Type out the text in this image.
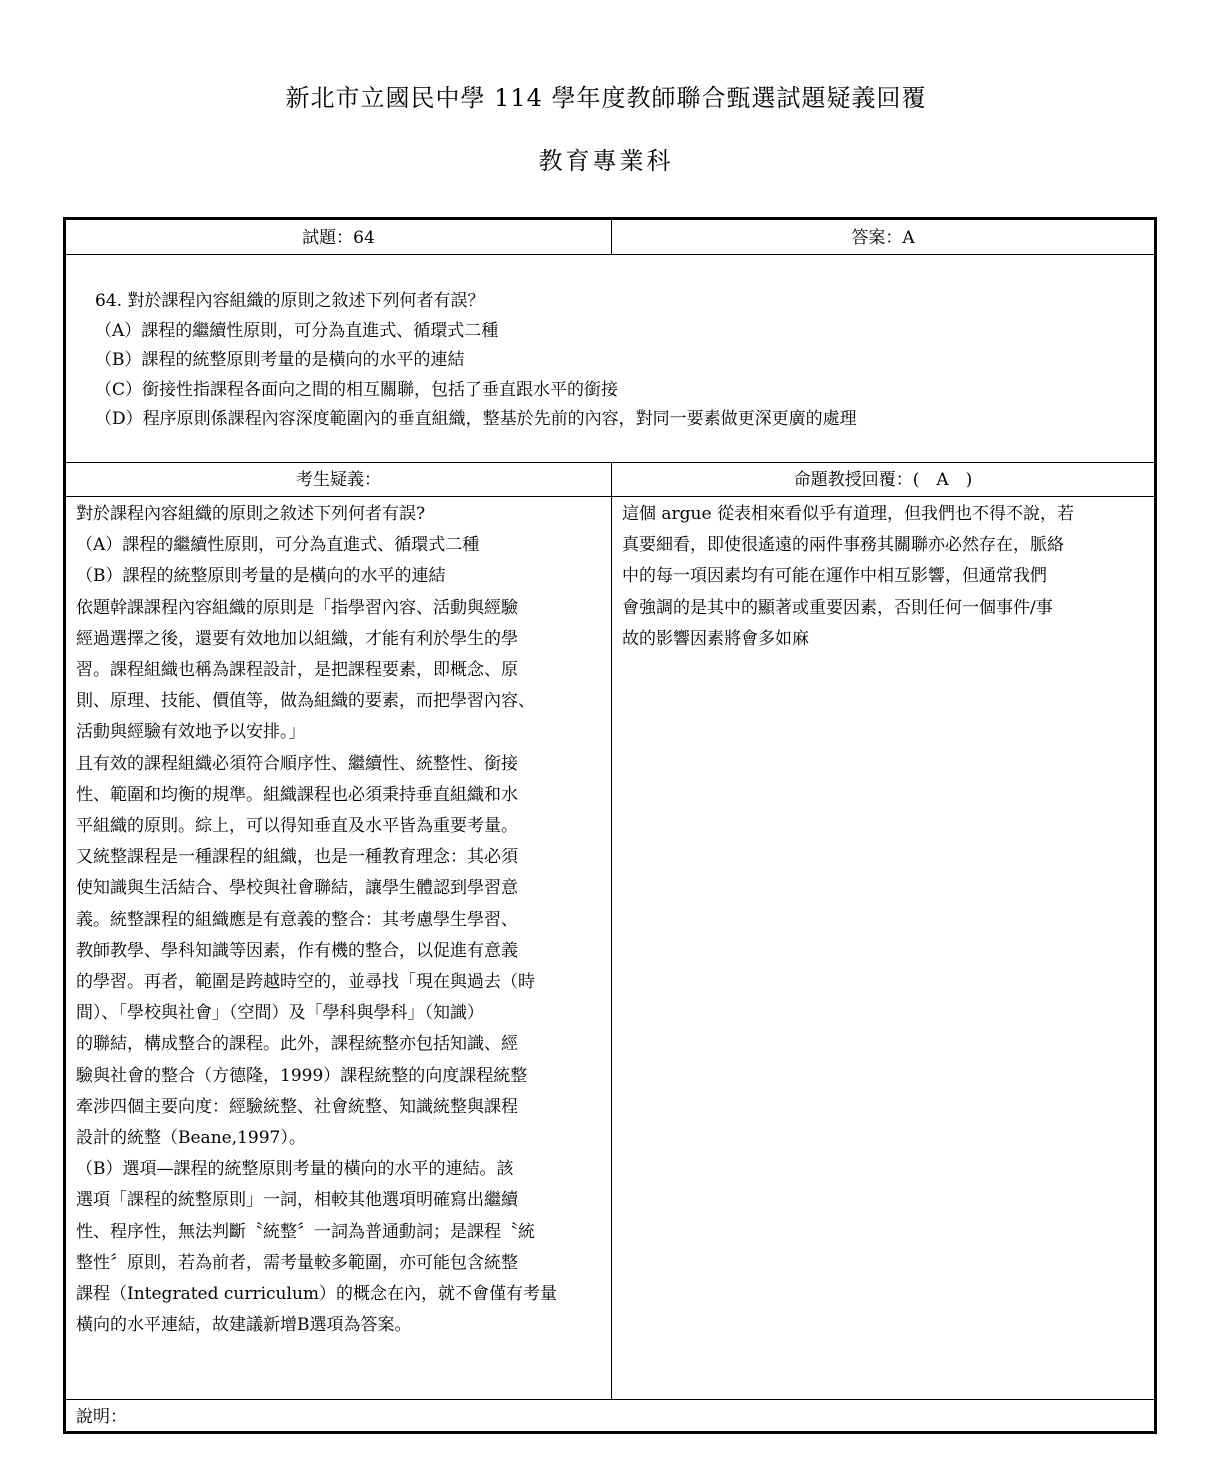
新北市立國民中學 114 學年度教師聯合甄選試題疑義回覆
教育專業科
試題：64	答案：A
64. 對於課程內容組織的原則之敘述下列何者有誤？
（A）課程的繼續性原則，可分為直進式、循環式二種
（B）課程的統整原則考量的是橫向的水平的連結
（C）銜接性指課程各面向之間的相互關聯，包括了垂直跟水平的銜接
（D）程序原則係課程內容深度範圍內的垂直組織，整基於先前的內容，對同一要素做更深更廣的處理
考生疑義：	命題教授回覆：(　A　)
對於課程內容組織的原則之敘述下列何者有誤?
（A）課程的繼續性原則，可分為直進式、循環式二種
（B）課程的統整原則考量的是橫向的水平的連結
依題幹課課程內容組織的原則是「指學習內容、活動與經驗
經過選擇之後，還要有效地加以組織，才能有利於學生的學
習。課程組織也稱為課程設計，是把課程要素，即概念、原
則、原理、技能、價值等，做為組織的要素，而把學習內容、
活動與經驗有效地予以安排。」
且有效的課程組織必須符合順序性、繼續性、統整性、銜接
性、範圍和均衡的規準。組織課程也必須秉持垂直組織和水
平組織的原則。綜上，可以得知垂直及水平皆為重要考量。
又統整課程是一種課程的組織，也是一種教育理念：其必須
使知識與生活結合、學校與社會聯結，讓學生體認到學習意
義。統整課程的組織應是有意義的整合：其考慮學生學習、
教師教學、學科知識等因素，作有機的整合，以促進有意義
的學習。再者，範圍是跨越時空的，並尋找「現在與過去（時
間）、「學校與社會」（空間）及「學科與學科」（知識）
的聯結，構成整合的課程。此外，課程統整亦包括知識、經
驗與社會的整合（方德隆，1999）課程統整的向度課程統整
牽涉四個主要向度：經驗統整、社會統整、知識統整與課程
設計的統整（Beane,1997）。
（B）選項—課程的統整原則考量的橫向的水平的連結。該
選項「課程的統整原則」一詞，相較其他選項明確寫出繼續
性、程序性，無法判斷〝統整〞一詞為普通動詞；是課程〝統
整性〞原則，若為前者，需考量較多範圍，亦可能包含統整
課程（Integrated curriculum）的概念在內，就不會僅有考量
橫向的水平連結，故建議新增B選項為答案。
這個 argue 從表相來看似乎有道理，但我們也不得不說，若
真要細看，即使很遙遠的兩件事務其關聯亦必然存在，脈絡
中的每一項因素均有可能在運作中相互影響，但通常我們
會強調的是其中的顯著或重要因素，否則任何一個事件/事
故的影響因素將會多如麻
說明：
